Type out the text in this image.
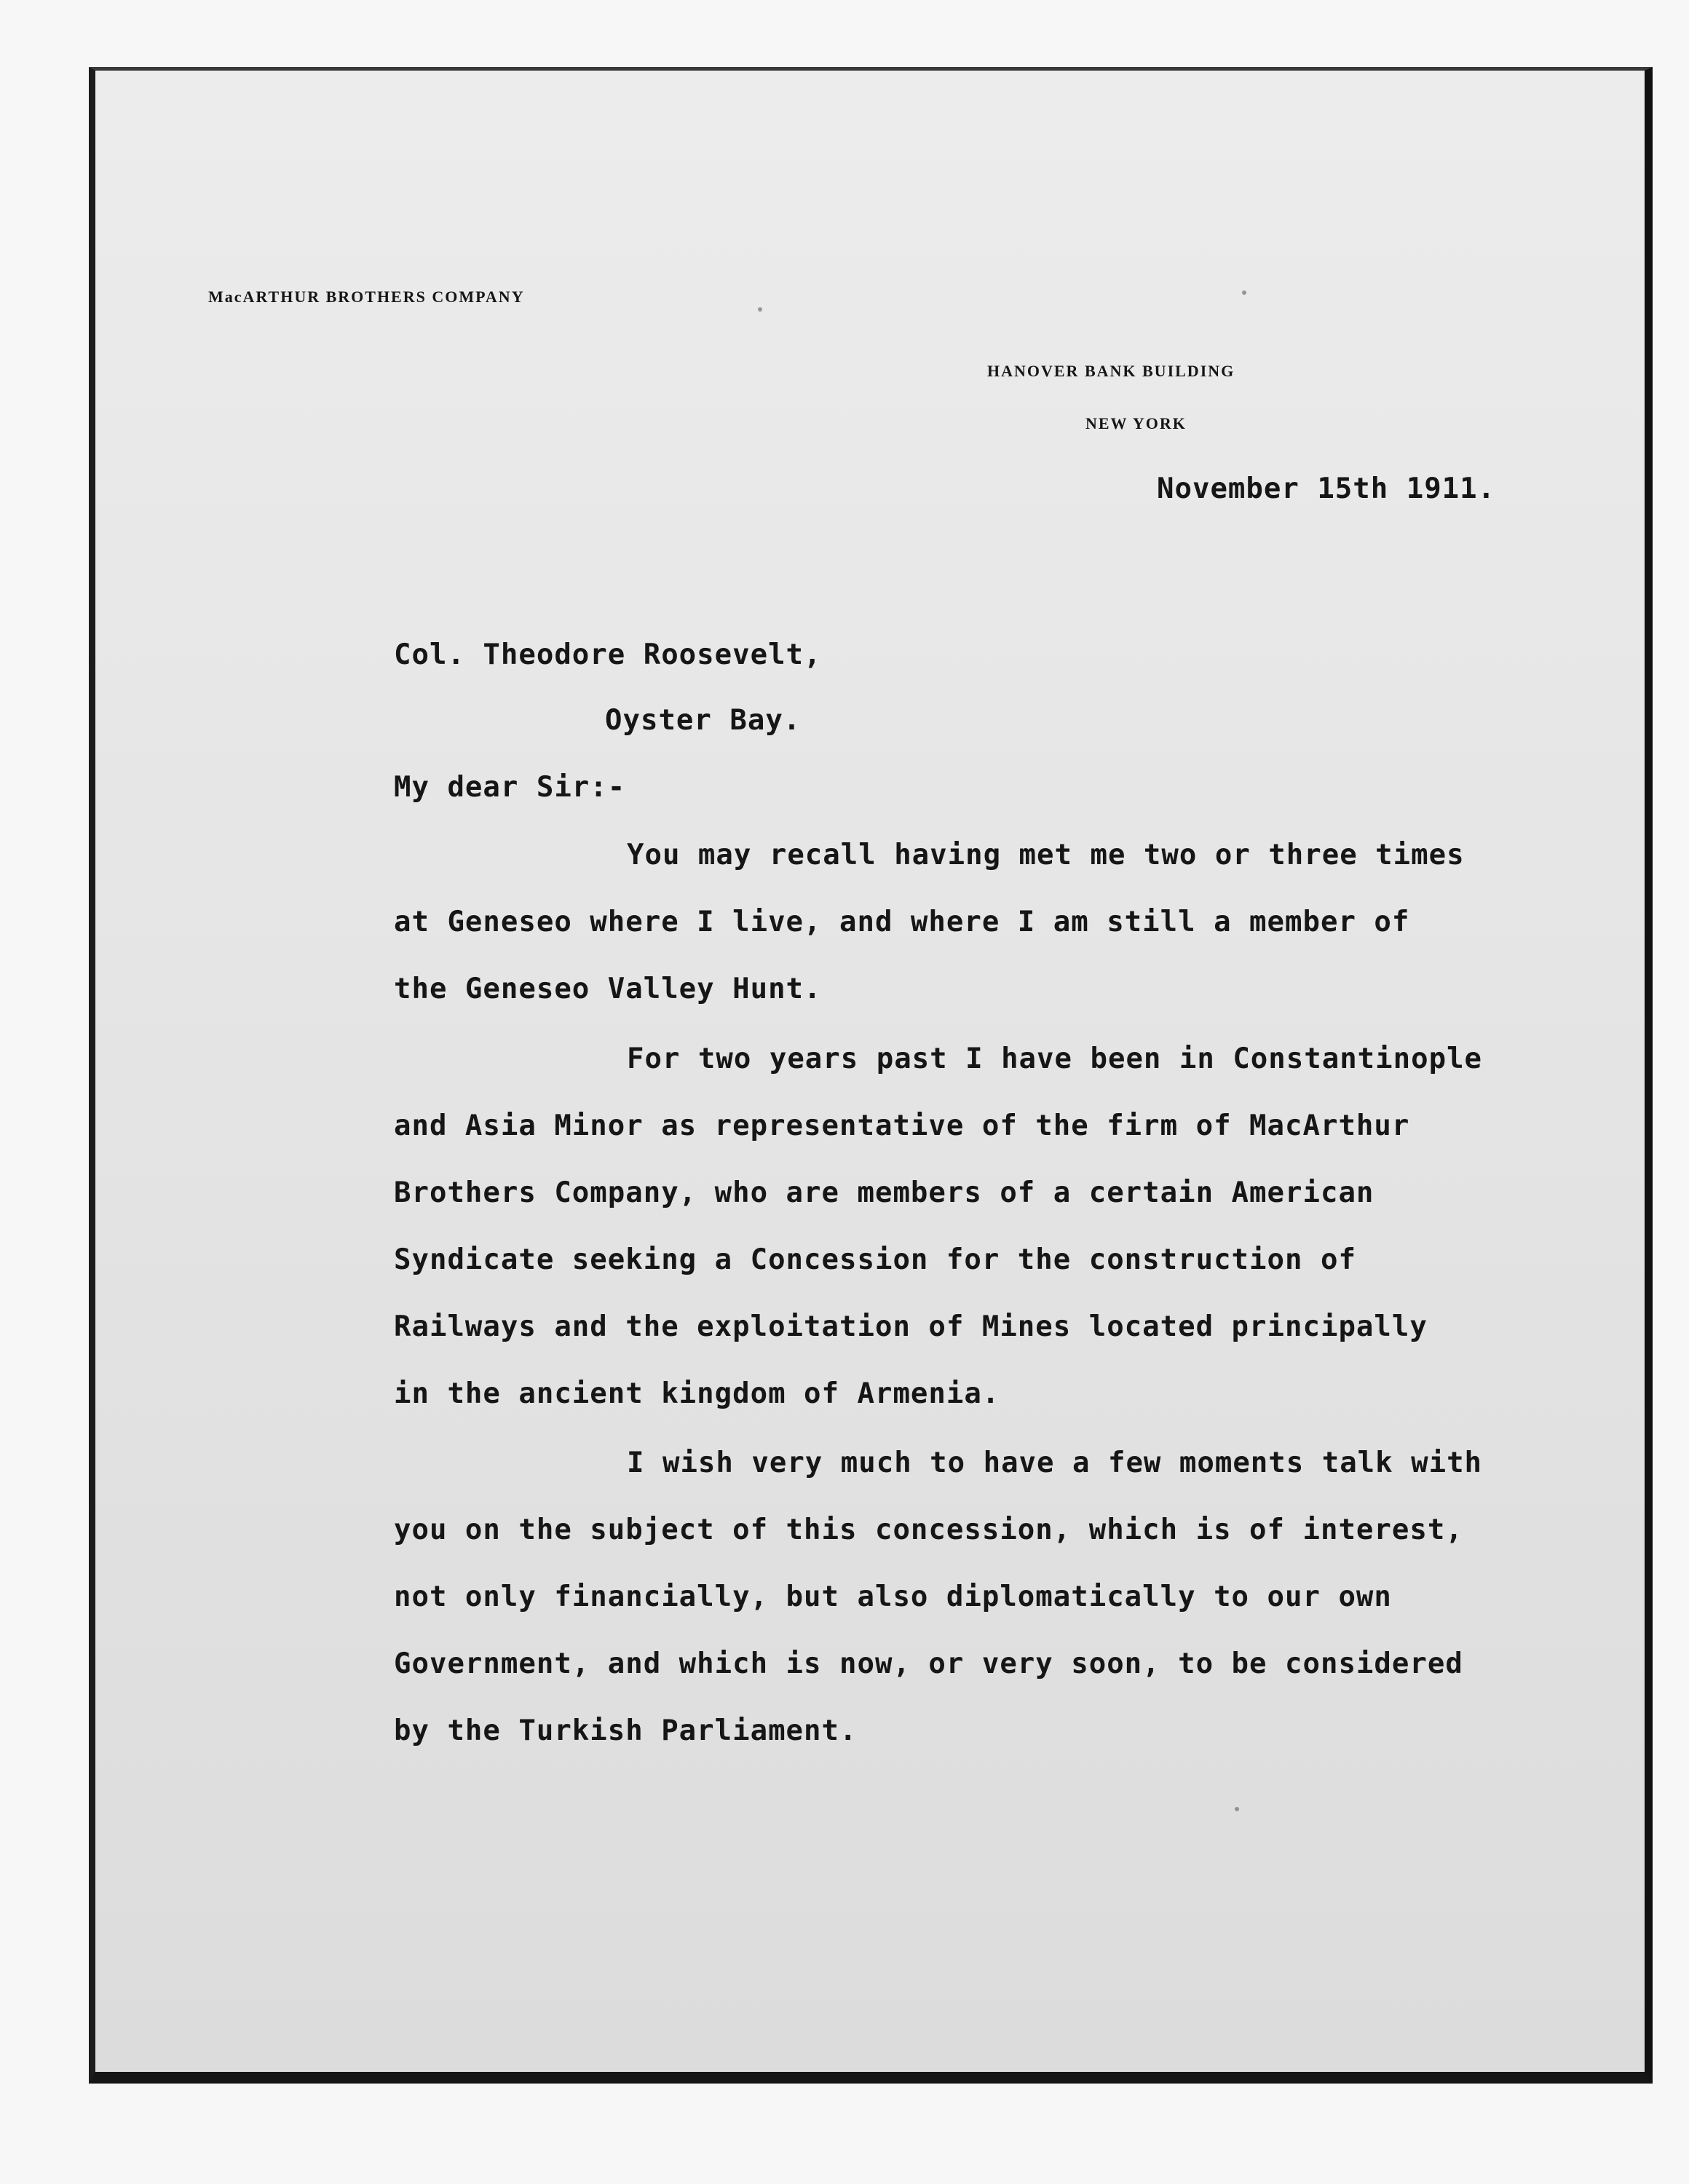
MacARTHUR BROTHERS COMPANY
HANOVER BANK BUILDING
NEW YORK
November 15th 1911.
Col. Theodore Roosevelt,
Oyster Bay.
My dear Sir:-
You may recall having met me two or three times
at Geneseo where I live, and where I am still a member of
the Geneseo Valley Hunt.
For two years past I have been in Constantinople
and Asia Minor as representative of the firm of MacArthur
Brothers Company, who are members of a certain American
Syndicate seeking a Concession for the construction of
Railways and the exploitation of Mines located principally
in the ancient kingdom of Armenia.
I wish very much to have a few moments talk with
you on the subject of this concession, which is of interest,
not only financially, but also diplomatically to our own
Government, and which is now, or very soon, to be considered
by the Turkish Parliament.
